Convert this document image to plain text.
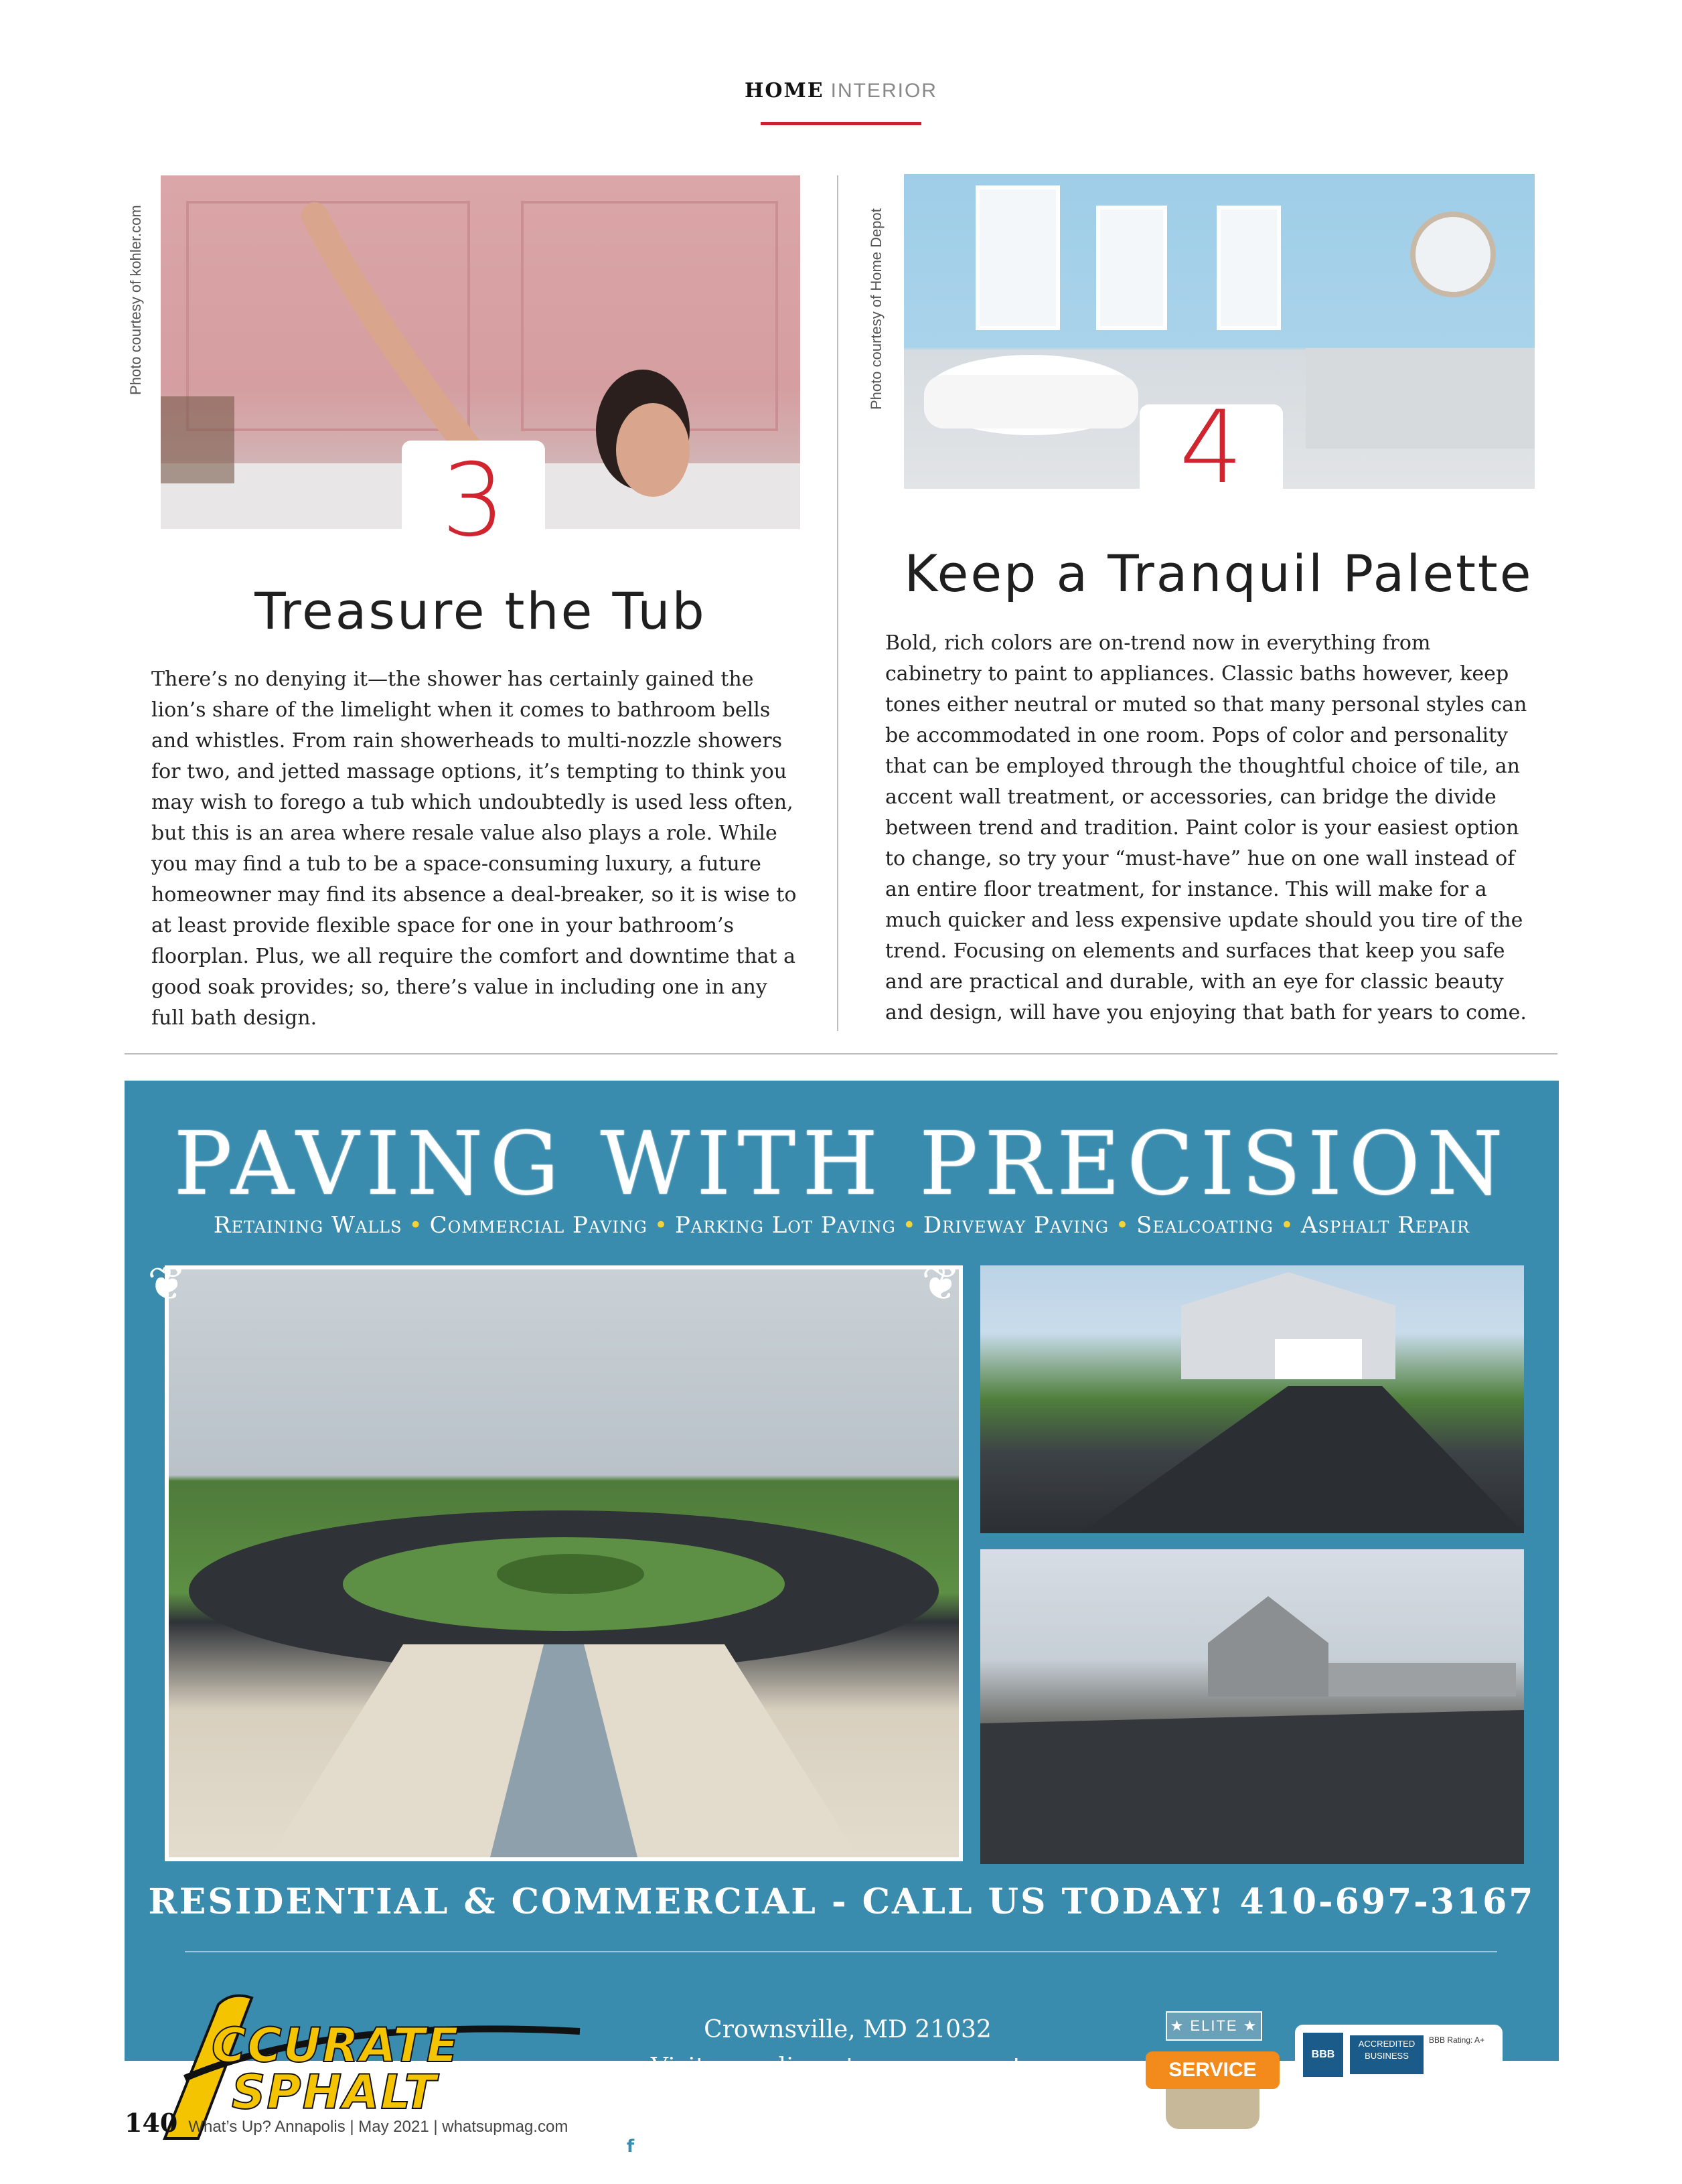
HOME INTERIOR
Photo courtesy of kohler.com
3
Treasure the Tub
There’s no denying it—the shower has certainly gained the lion’s share of the limelight when it comes to bathroom bells and whistles. From rain showerheads to multi-nozzle showers for two, and jetted massage options, it’s tempting to think you may wish to forego a tub which undoubtedly is used less often, but this is an area where resale value also plays a role. While you may find a tub to be a space-consuming luxury, a future homeowner may find its absence a deal-breaker, so it is wise to at least provide flexible space for one in your bathroom’s floorplan. Plus, we all require the comfort and downtime that a good soak provides; so, there’s value in including one in any full bath design.
Photo courtesy of Home Depot
4
Keep a Tranquil Palette
Bold, rich colors are on-trend now in everything from cabinetry to paint to appliances. Classic baths however, keep tones either neutral or muted so that many personal styles can be accommodated in one room. Pops of color and personality that can be employed through the thoughtful choice of tile, an accent wall treatment, or accessories, can bridge the divide between trend and tradition. Paint color is your easiest option to change, so try your “must-have” hue on one wall instead of an entire floor treatment, for instance. This will make for a much quicker and less expensive update should you tire of the trend. Focusing on elements and surfaces that keep you safe and are practical and durable, with an eye for classic beauty and design, will have you enjoying that bath for years to come.
PAVING WITH PRECISION
Retaining Walls • Commercial Paving • Parking Lot Paving • Driveway Paving • Sealcoating • Asphalt Repair
❦	❦
RESIDENTIAL & COMMERCIAL - CALL US TODAY! 410-697-3167
CCURATE
SPHALT
Crownsville, MD 21032
Visit us online at www.accurate-asphalt.com
f Facebook.com/AccurateAsphaltMD
★ ELITE ★
SERVICE
BBB
ACCREDITED BUSINESS
BBB Rating: A+
MHIC # 05-136088
140 What’s Up? Annapolis | May 2021 | whatsupmag.com
